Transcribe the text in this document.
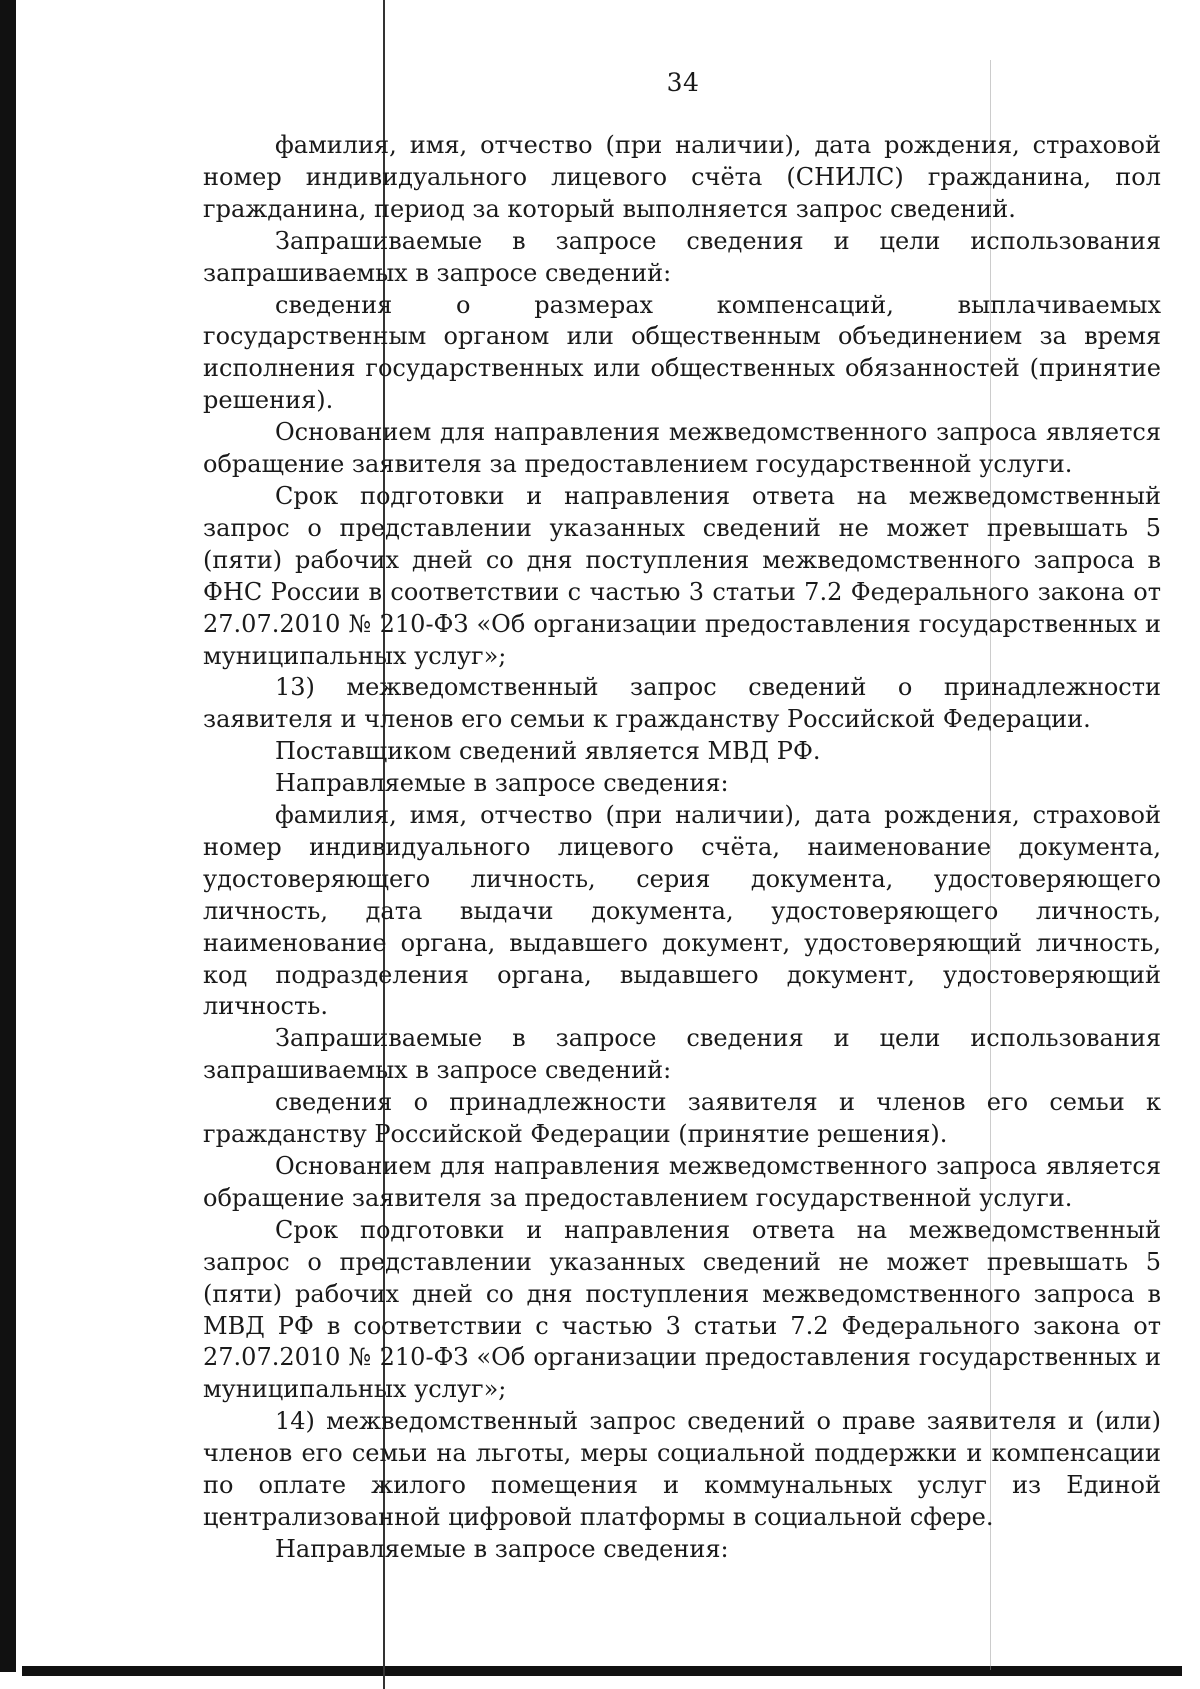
34

фамилия, имя, отчество (при наличии), дата рождения, страховой номер индивидуального лицевого счёта (СНИЛС) гражданина, пол гражданина, период за который выполняется запрос сведений.

Запрашиваемые в запросе сведения и цели использования запрашиваемых в запросе сведений:

сведения о размерах компенсаций, выплачиваемых государственным органом или общественным объединением за время исполнения государственных или общественных обязанностей (принятие решения).

Основанием для направления межведомственного запроса является обращение заявителя за предоставлением государственной услуги.

Срок подготовки и направления ответа на межведомственный запрос о представлении указанных сведений не может превышать 5 (пяти) рабочих дней со дня поступления межведомственного запроса в ФНС России в соответствии с частью 3 статьи 7.2 Федерального закона от 27.07.2010 № 210-ФЗ «Об организации предоставления государственных и муниципальных услуг»;

13) межведомственный запрос сведений о принадлежности заявителя и членов его семьи к гражданству Российской Федерации.

Поставщиком сведений является МВД РФ.

Направляемые в запросе сведения:

фамилия, имя, отчество (при наличии), дата рождения, страховой номер индивидуального лицевого счёта, наименование документа, удостоверяющего личность, серия документа, удостоверяющего личность, дата выдачи документа, удостоверяющего личность, наименование органа, выдавшего документ, удостоверяющий личность, код подразделения органа, выдавшего документ, удостоверяющий личность.

Запрашиваемые в запросе сведения и цели использования запрашиваемых в запросе сведений:

сведения о принадлежности заявителя и членов его семьи к гражданству Российской Федерации (принятие решения).

Основанием для направления межведомственного запроса является обращение заявителя за предоставлением государственной услуги.

Срок подготовки и направления ответа на межведомственный запрос о представлении указанных сведений не может превышать 5 (пяти) рабочих дней со дня поступления межведомственного запроса в МВД РФ в соответствии с частью 3 статьи 7.2 Федерального закона от 27.07.2010 № 210-ФЗ «Об организации предоставления государственных и муниципальных услуг»;

14) межведомственный запрос сведений о праве заявителя и (или) членов его семьи на льготы, меры социальной поддержки и компенсации по оплате жилого помещения и коммунальных услуг из Единой централизованной цифровой платформы в социальной сфере.

Направляемые в запросе сведения:
